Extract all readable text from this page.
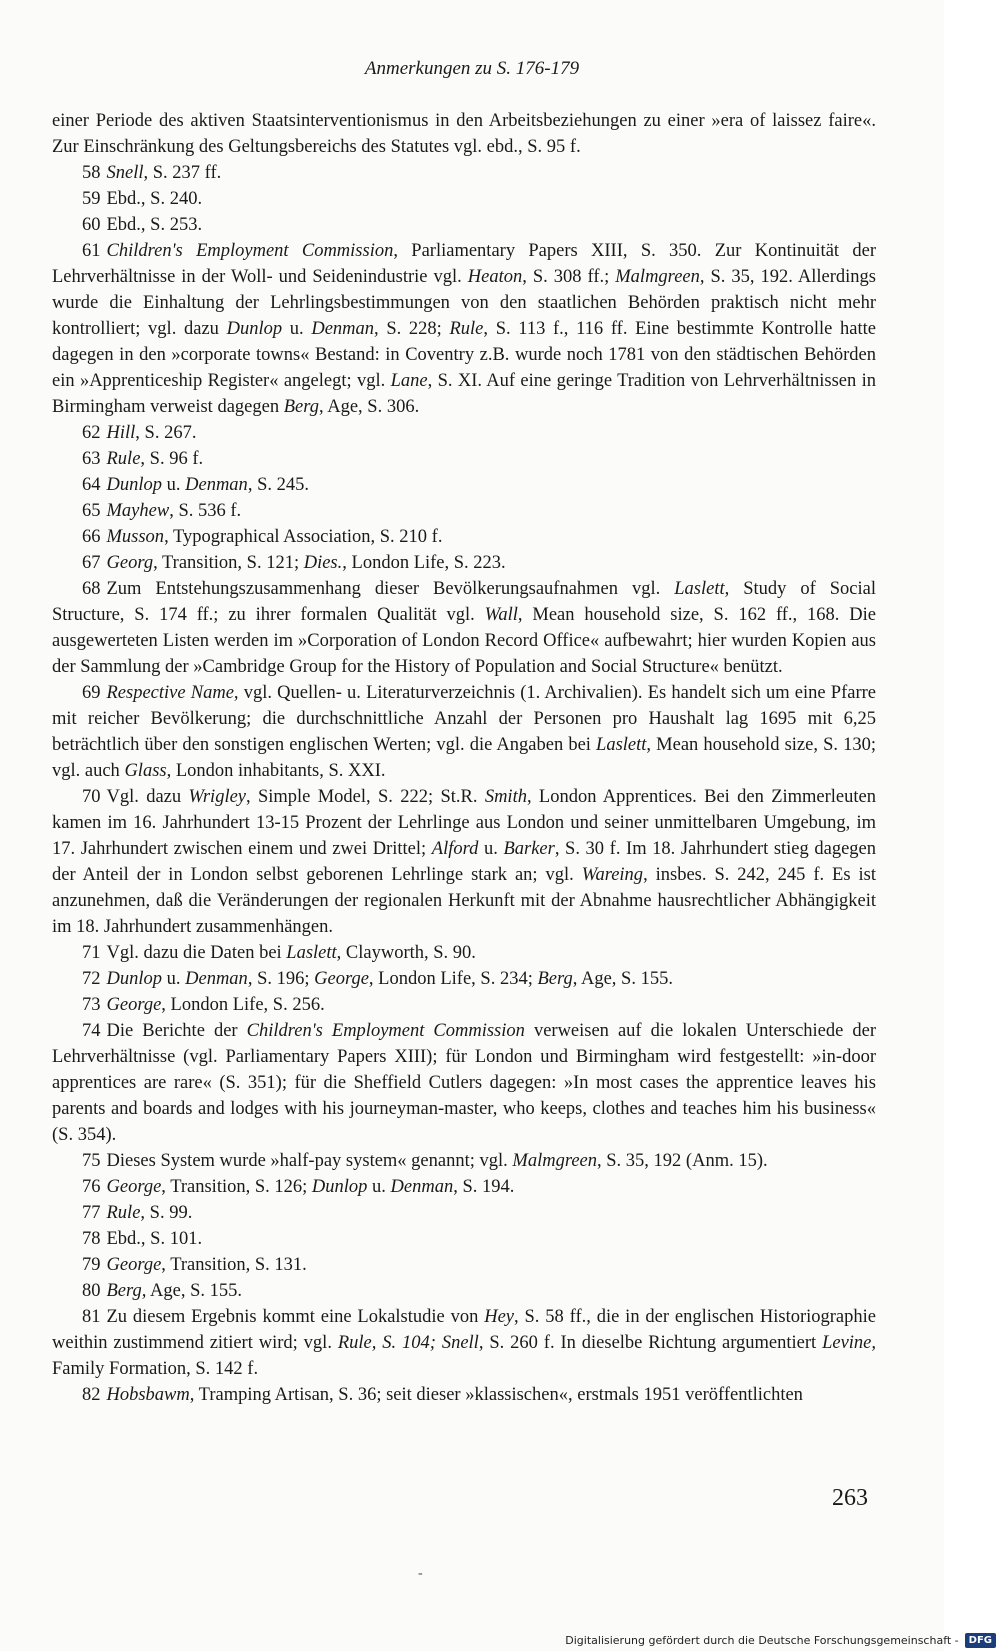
Anmerkungen zu S. 176-179

einer Periode des aktiven Staatsinterventionismus in den Arbeitsbeziehungen zu einer »era of laissez faire«. Zur Einschränkung des Geltungsbereichs des Statutes vgl. ebd., S. 95 f.

58 Snell, S. 237 ff.

59 Ebd., S. 240.

60 Ebd., S. 253.

61 Children's Employment Commission, Parliamentary Papers XIII, S. 350. Zur Kontinuität der Lehrverhältnisse in der Woll- und Seidenindustrie vgl. Heaton, S. 308 ff.; Malmgreen, S. 35, 192. Allerdings wurde die Einhaltung der Lehrlingsbestimmungen von den staatlichen Behörden praktisch nicht mehr kontrolliert; vgl. dazu Dunlop u. Denman, S. 228; Rule, S. 113 f., 116 ff. Eine bestimmte Kontrolle hatte dagegen in den »corporate towns« Bestand: in Coventry z.B. wurde noch 1781 von den städtischen Behörden ein »Apprenticeship Register« angelegt; vgl. Lane, S. XI. Auf eine geringe Tradition von Lehrverhältnissen in Birmingham verweist dagegen Berg, Age, S. 306.

62 Hill, S. 267.

63 Rule, S. 96 f.

64 Dunlop u. Denman, S. 245.

65 Mayhew, S. 536 f.

66 Musson, Typographical Association, S. 210 f.

67 Georg, Transition, S. 121; Dies., London Life, S. 223.

68 Zum Entstehungszusammenhang dieser Bevölkerungsaufnahmen vgl. Laslett, Study of Social Structure, S. 174 ff.; zu ihrer formalen Qualität vgl. Wall, Mean household size, S. 162 ff., 168. Die ausgewerteten Listen werden im »Corporation of London Record Office« aufbewahrt; hier wurden Kopien aus der Sammlung der »Cambridge Group for the History of Population and Social Structure« benützt.

69 Respective Name, vgl. Quellen- u. Literaturverzeichnis (1. Archivalien). Es handelt sich um eine Pfarre mit reicher Bevölkerung; die durchschnittliche Anzahl der Personen pro Haushalt lag 1695 mit 6,25 beträchtlich über den sonstigen englischen Werten; vgl. die Angaben bei Laslett, Mean household size, S. 130; vgl. auch Glass, London inhabitants, S. XXI.

70 Vgl. dazu Wrigley, Simple Model, S. 222; St.R. Smith, London Apprentices. Bei den Zimmerleuten kamen im 16. Jahrhundert 13-15 Prozent der Lehrlinge aus London und seiner unmittelbaren Umgebung, im 17. Jahrhundert zwischen einem und zwei Drittel; Alford u. Barker, S. 30 f. Im 18. Jahrhundert stieg dagegen der Anteil der in London selbst geborenen Lehrlinge stark an; vgl. Wareing, insbes. S. 242, 245 f. Es ist anzunehmen, daß die Veränderungen der regionalen Herkunft mit der Abnahme hausrechtlicher Abhängigkeit im 18. Jahrhundert zusammenhängen.

71 Vgl. dazu die Daten bei Laslett, Clayworth, S. 90.

72 Dunlop u. Denman, S. 196; George, London Life, S. 234; Berg, Age, S. 155.

73 George, London Life, S. 256.

74 Die Berichte der Children's Employment Commission verweisen auf die lokalen Unterschiede der Lehrverhältnisse (vgl. Parliamentary Papers XIII); für London und Birmingham wird festgestellt: »in-door apprentices are rare« (S. 351); für die Sheffield Cutlers dagegen: »In most cases the apprentice leaves his parents and boards and lodges with his journeyman-master, who keeps, clothes and teaches him his business« (S. 354).

75 Dieses System wurde »half-pay system« genannt; vgl. Malmgreen, S. 35, 192 (Anm. 15).

76 George, Transition, S. 126; Dunlop u. Denman, S. 194.

77 Rule, S. 99.

78 Ebd., S. 101.

79 George, Transition, S. 131.

80 Berg, Age, S. 155.

81 Zu diesem Ergebnis kommt eine Lokalstudie von Hey, S. 58 ff., die in der englischen Historiographie weithin zustimmend zitiert wird; vgl. Rule, S. 104; Snell, S. 260 f. In dieselbe Richtung argumentiert Levine, Family Formation, S. 142 f.

82 Hobsbawm, Tramping Artisan, S. 36; seit dieser »klassischen«, erstmals 1951 veröffentlichten

263
-
Digitalisierung gefördert durch die Deutsche Forschungsgemeinschaft -	DFG
